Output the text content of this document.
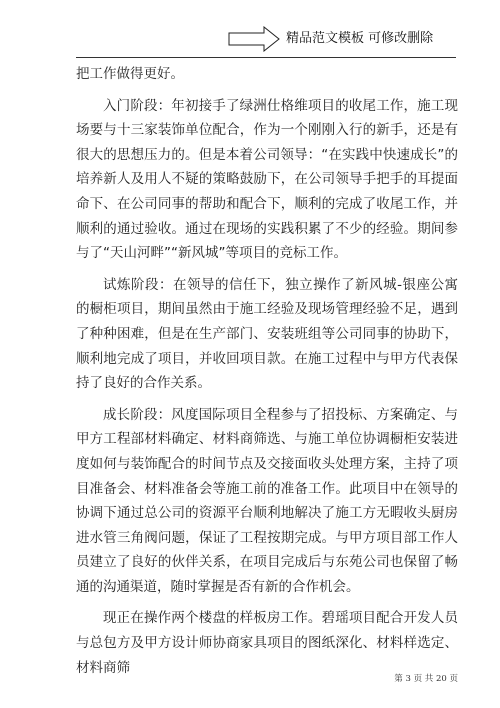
精品范文模板 可修改删除

把工作做得更好。

入门阶段：年初接手了绿洲仕格维项目的收尾工作，施工现场要与十三家装饰单位配合，作为一个刚刚入行的新手，还是有很大的思想压力的。但是本着公司领导：“在实践中快速成长”的培养新人及用人不疑的策略鼓励下，在公司领导手把手的耳提面命下、在公司同事的帮助和配合下，顺利的完成了收尾工作，并顺利的通过验收。通过在现场的实践积累了不少的经验。期间参与了“天山河畔”“新风城”等项目的竞标工作。

试炼阶段：在领导的信任下，独立操作了新风城-银座公寓的橱柜项目，期间虽然由于施工经验及现场管理经验不足，遇到了种种困难，但是在生产部门、安装班组等公司同事的协助下，顺利地完成了项目，并收回项目款。在施工过程中与甲方代表保持了良好的合作关系。

成长阶段：风度国际项目全程参与了招投标、方案确定、与甲方工程部材料确定、材料商筛选、与施工单位协调橱柜安装进度如何与装饰配合的时间节点及交接面收头处理方案，主持了项目准备会、材料准备会等施工前的准备工作。此项目中在领导的协调下通过总公司的资源平台顺利地解决了施工方无暇收头厨房进水管三角阀问题，保证了工程按期完成。与甲方项目部工作人员建立了良好的伙伴关系，在项目完成后与东苑公司也保留了畅通的沟通渠道，随时掌握是否有新的合作机会。

现正在操作两个楼盘的样板房工作。碧瑶项目配合开发人员与总包方及甲方设计师协商家具项目的图纸深化、材料样选定、材料商筛

第 3 页 共 20 页
